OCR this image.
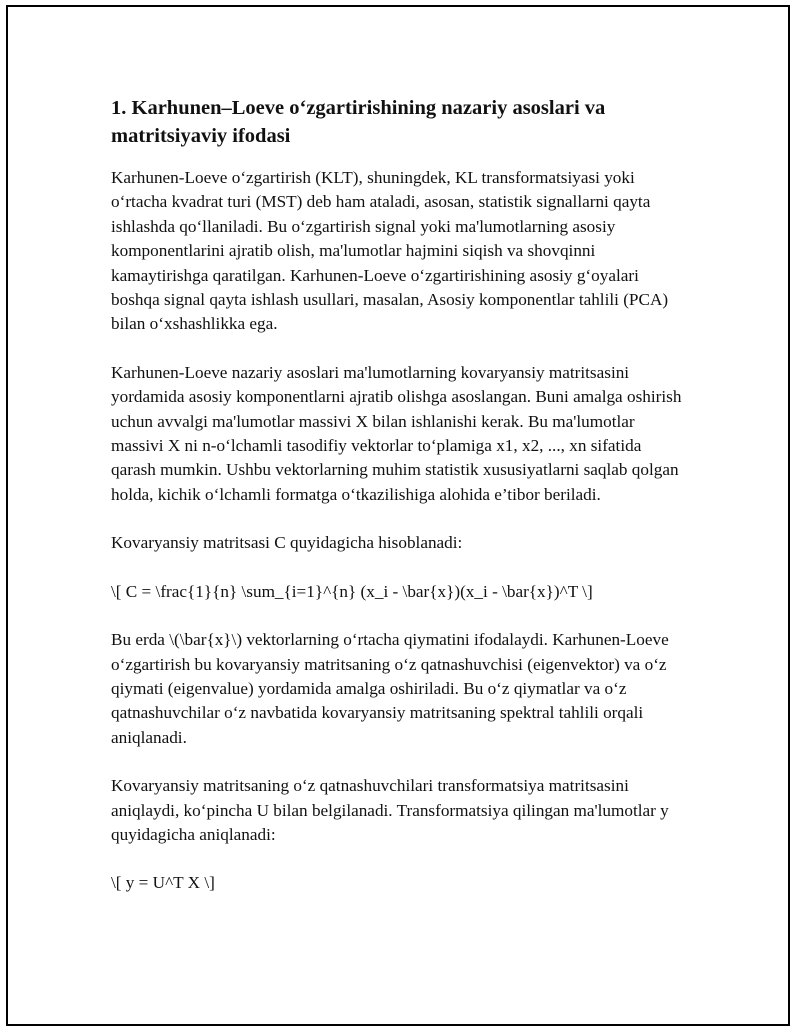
1. Karhunen–Loeve o‘zgartirishining nazariy asoslari va matritsiyaviy ifodasi

Karhunen-Loeve o‘zgartirish (KLT), shuningdek, KL transformatsiyasi yoki o‘rtacha kvadrat turi (MST) deb ham ataladi, asosan, statistik signallarni qayta ishlashda qo‘llaniladi. Bu o‘zgartirish signal yoki ma'lumotlarning asosiy komponentlarini ajratib olish, ma'lumotlar hajmini siqish va shovqinni kamaytirishga qaratilgan. Karhunen-Loeve o‘zgartirishining asosiy g‘oyalari boshqa signal qayta ishlash usullari, masalan, Asosiy komponentlar tahlili (PCA) bilan o‘xshashlikka ega.

Karhunen-Loeve nazariy asoslari ma'lumotlarning kovaryansiy matritsasini yordamida asosiy komponentlarni ajratib olishga asoslangan. Buni amalga oshirish uchun avvalgi ma'lumotlar massivi X bilan ishlanishi kerak. Bu ma'lumotlar massivi X ni n-o‘lchamli tasodifiy vektorlar to‘plamiga x1, x2, ..., xn sifatida qarash mumkin. Ushbu vektorlarning muhim statistik xususiyatlarni saqlab qolgan holda, kichik o‘lchamli formatga o‘tkazilishiga alohida e’tibor beriladi.

Kovaryansiy matritsasi C quyidagicha hisoblanadi:

\[ C = \frac{1}{n} \sum_{i=1}^{n} (x_i - \bar{x})(x_i - \bar{x})^T \]

Bu erda \(\bar{x}\) vektorlarning o‘rtacha qiymatini ifodalaydi. Karhunen-Loeve o‘zgartirish bu kovaryansiy matritsaning o‘z qatnashuvchisi (eigenvektor) va o‘z qiymati (eigenvalue) yordamida amalga oshiriladi. Bu o‘z qiymatlar va o‘z qatnashuvchilar o‘z navbatida kovaryansiy matritsaning spektral tahlili orqali aniqlanadi.

Kovaryansiy matritsaning o‘z qatnashuvchilari transformatsiya matritsasini aniqlaydi, ko‘pincha U bilan belgilanadi. Transformatsiya qilingan ma'lumotlar y quyidagicha aniqlanadi:

\[ y = U^T X \]
